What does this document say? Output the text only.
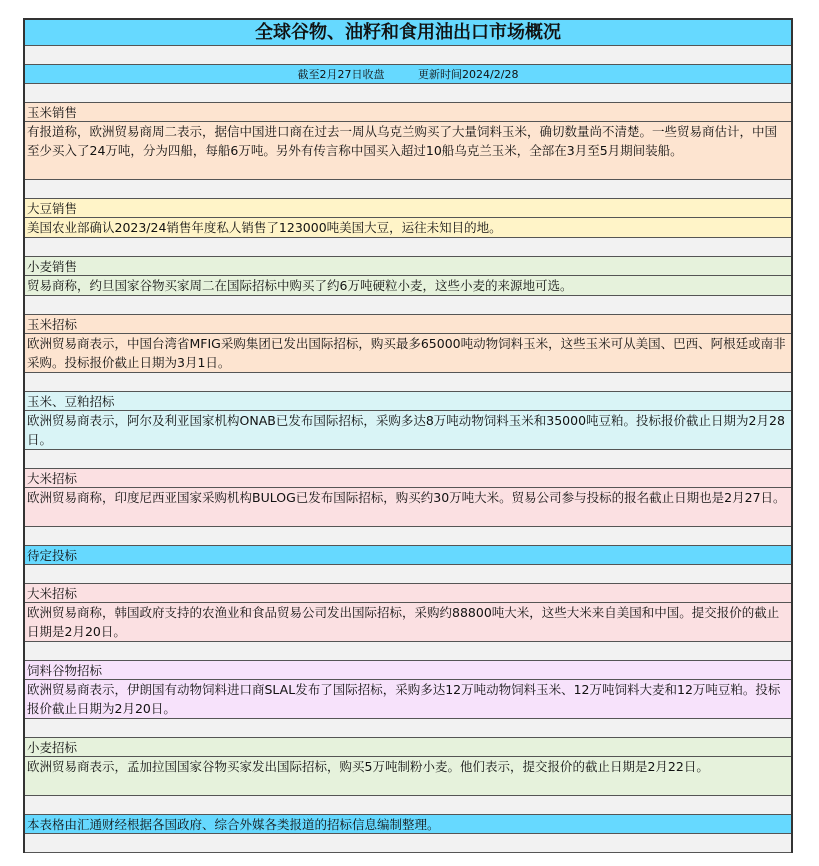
全球谷物、油籽和食用油出口市场概况
截至2月27日收盘	更新时间2024/2/28
玉米销售
有报道称，欧洲贸易商周二表示，据信中国进口商在过去一周从乌克兰购买了大量饲料玉米，确切数量尚不清楚。一些贸易商估计，中国至少买入了24万吨，分为四船，每船6万吨。另外有传言称中国买入超过10船乌克兰玉米，全部在3月至5月期间装船。
大豆销售
美国农业部确认2023/24销售年度私人销售了123000吨美国大豆，运往未知目的地。
小麦销售
贸易商称，约旦国家谷物买家周二在国际招标中购买了约6万吨硬粒小麦，这些小麦的来源地可选。
玉米招标
欧洲贸易商表示，中国台湾省MFIG采购集团已发出国际招标，购买最多65000吨动物饲料玉米，这些玉米可从美国、巴西、阿根廷或南非采购。投标报价截止日期为3月1日。
玉米、豆粕招标
欧洲贸易商表示，阿尔及利亚国家机构ONAB已发布国际招标，采购多达8万吨动物饲料玉米和35000吨豆粕。投标报价截止日期为2月28日。
大米招标
欧洲贸易商称，印度尼西亚国家采购机构BULOG已发布国际招标，购买约30万吨大米。贸易公司参与投标的报名截止日期也是2月27日。
待定投标
大米招标
欧洲贸易商称，韩国政府支持的农渔业和食品贸易公司发出国际招标，采购约88800吨大米，这些大米来自美国和中国。提交报价的截止日期是2月20日。
饲料谷物招标
欧洲贸易商表示，伊朗国有动物饲料进口商SLAL发布了国际招标，采购多达12万吨动物饲料玉米、12万吨饲料大麦和12万吨豆粕。投标报价截止日期为2月20日。
小麦招标
欧洲贸易商表示，孟加拉国国家谷物买家发出国际招标，购买5万吨制粉小麦。他们表示，提交报价的截止日期是2月22日。
本表格由汇通财经根据各国政府、综合外媒各类报道的招标信息编制整理。
